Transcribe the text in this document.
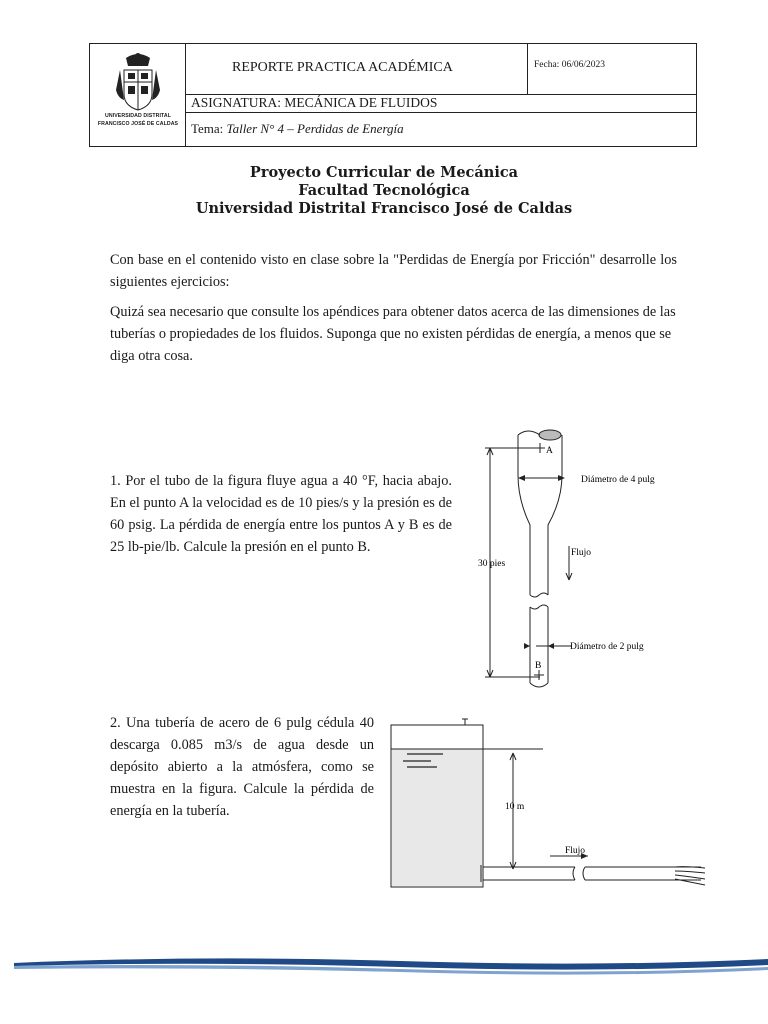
UNIVERSIDAD DISTRITAL
FRANCISCO JOSÉ DE CALDAS
REPORTE PRACTICA ACADÉMICA	Fecha: 06/06/2023
ASIGNATURA: MECÁNICA DE FLUIDOS
Tema: Taller N° 4 – Perdidas de Energía
Proyecto Curricular de Mecánica
Facultad Tecnológica
Universidad Distrital Francisco José de Caldas
Con base en el contenido visto en clase sobre la "Perdidas de Energía por Fricción" desarrolle los siguientes ejercicios:
Quizá sea necesario que consulte los apéndices para obtener datos acerca de las dimensiones de las tuberías o propiedades de los fluidos. Suponga que no existen pérdidas de energía, a menos que se diga otra cosa.
1. Por el tubo de la figura fluye agua a 40 °F, hacia abajo. En el punto A la velocidad es de 10 pies/s y la presión es de 60 psig. La pérdida de energía entre los puntos A y B es de 25 lb-pie/lb. Calcule la presión en el punto B.
A
B
Diámetro de 4 pulg
Diámetro de 2 pulg
Flujo
30 pies
2. Una tubería de acero de 6 pulg cédula 40 descarga 0.085 m3/s de agua desde un depósito abierto a la atmósfera, como se muestra en la figura. Calcule la pérdida de energía en la tubería.	10 m
Flujo
